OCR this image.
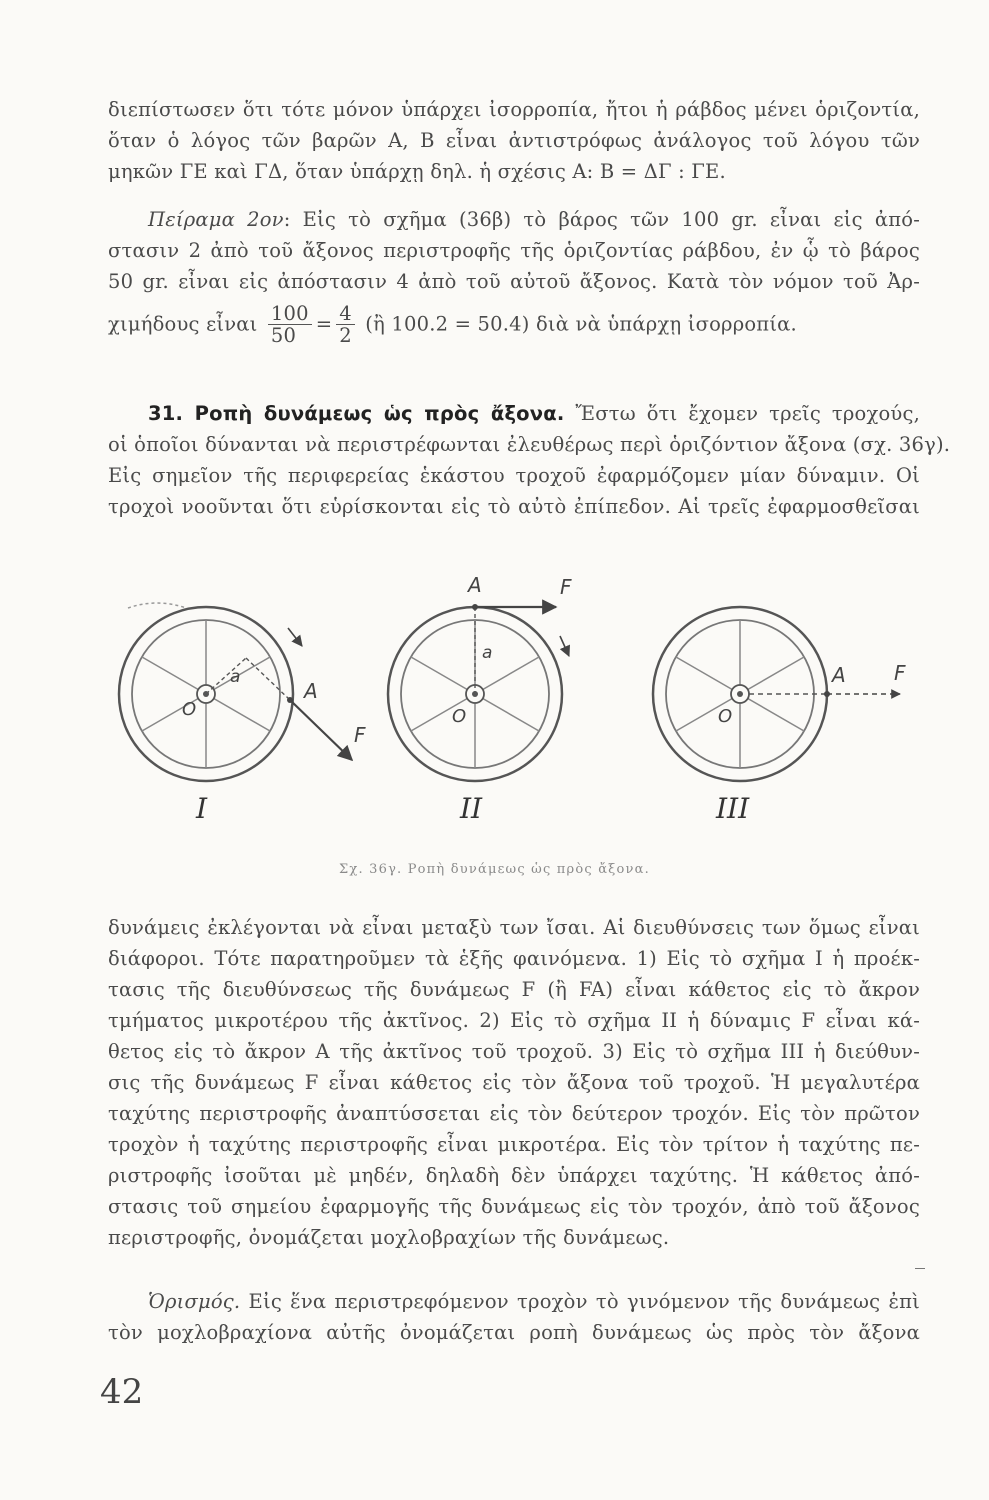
διεπίστωσεν ὅτι τότε μόνον ὑπάρχει ἰσορροπία, ἤτοι ἡ ράβδος μένει ὁριζοντία,
ὅταν ὁ λόγος τῶν βαρῶν Α, Β εἶναι ἀντιστρόφως ἀνάλογος τοῦ λόγου τῶν
μηκῶν ΓΕ καὶ ΓΔ, ὅταν ὑπάρχῃ δηλ. ἡ σχέσις Α: Β = ΔΓ : ΓΕ.
Πείραμα 2ον: Εἰς τὸ σχῆμα (36β) τὸ βάρος τῶν 100 gr. εἶναι εἰς ἀπό-
στασιν 2 ἀπὸ τοῦ ἄξονος περιστροφῆς τῆς ὁριζοντίας ράβδου, ἐν ᾧ τὸ βάρος
50 gr. εἶναι εἰς ἀπόστασιν 4 ἀπὸ τοῦ αὐτοῦ ἄξονος. Κατὰ τὸν νόμον τοῦ Ἀρ-
χιμήδους εἶναι $\frac{100}{50} = \frac{4}{2}$ (ἢ 100.2 = 50.4) διὰ νὰ ὑπάρχῃ ἰσορροπία.
31. Ροπὴ δυνάμεως ὡς πρὸς ἄξονα. Ἔστω ὅτι ἔχομεν τρεῖς τροχούς,
οἱ ὁποῖοι δύνανται νὰ περιστρέφωνται ἐλευθέρως περὶ ὁριζόντιον ἄξονα (σχ. 36γ).
Εἰς σημεῖον τῆς περιφερείας ἑκάστου τροχοῦ ἐφαρμόζομεν μίαν δύναμιν. Οἱ
τροχοὶ νοοῦνται ὅτι εὑρίσκονται εἰς τὸ αὐτὸ ἐπίπεδον. Αἱ τρεῖς ἐφαρμοσθεῖσαι
a
O
A
F
I
A	F
a
O
II
A F
O
III
Σχ. 36γ. Ροπὴ δυνάμεως ὡς πρὸς ἄξονα.
δυνάμεις ἐκλέγονται νὰ εἶναι μεταξὺ των ἴσαι. Αἱ διευθύνσεις των ὅμως εἶναι
διάφοροι. Τότε παρατηροῦμεν τὰ ἑξῆς φαινόμενα. 1) Εἰς τὸ σχῆμα Ι ἡ προέκ-
τασις τῆς διευθύνσεως τῆς δυνάμεως F (ἢ FA) εἶναι κάθετος εἰς τὸ ἄκρον
τμήματος μικροτέρου τῆς ἀκτῖνος. 2) Εἰς τὸ σχῆμα ΙΙ ἡ δύναμις F εἶναι κά-
θετος εἰς τὸ ἄκρον Α τῆς ἀκτῖνος τοῦ τροχοῦ. 3) Εἰς τὸ σχῆμα ΙΙΙ ἡ διεύθυν-
σις τῆς δυνάμεως F εἶναι κάθετος εἰς τὸν ἄξονα τοῦ τροχοῦ. Ἡ μεγαλυτέρα
ταχύτης περιστροφῆς ἀναπτύσσεται εἰς τὸν δεύτερον τροχόν. Εἰς τὸν πρῶτον
τροχὸν ἡ ταχύτης περιστροφῆς εἶναι μικροτέρα. Εἰς τὸν τρίτον ἡ ταχύτης πε-
ριστροφῆς ἰσοῦται μὲ μηδέν, δηλαδὴ δὲν ὑπάρχει ταχύτης. Ἡ κάθετος ἀπό-
στασις τοῦ σημείου ἐφαρμογῆς τῆς δυνάμεως εἰς τὸν τροχόν, ἀπὸ τοῦ ἄξονος
περιστροφῆς, ὀνομάζεται μοχλοβραχίων τῆς δυνάμεως.
Ὁρισμός. Εἰς ἕνα περιστρεφόμενον τροχὸν τὸ γινόμενον τῆς δυνάμεως ἐπὶ
τὸν μοχλοβραχίονα αὐτῆς ὀνομάζεται ροπὴ δυνάμεως ὡς πρὸς τὸν ἄξονα
42
